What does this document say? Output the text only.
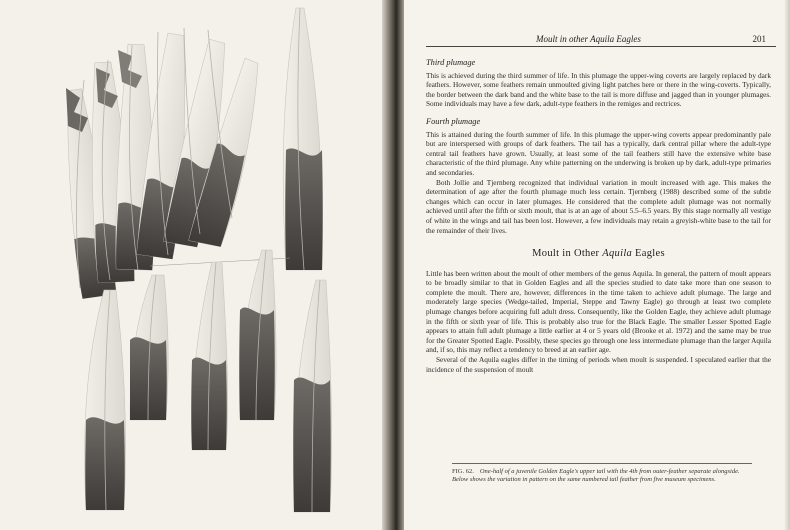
Moult in other Aquila Eagles	201
Third plumage

This is achieved during the third summer of life. In this plumage the upper-wing coverts are largely replaced by dark feathers. However, some feathers remain unmoulted giving light patches here or there in the wing-coverts. Typically, the border between the dark band and the white base to the tail is more diffuse and jagged than in younger plumages. Some individuals may have a few dark, adult-type feathers in the remiges and rectrices.

Fourth plumage

This is attained during the fourth summer of life. In this plumage the upper-wing coverts appear predominantly pale but are interspersed with groups of dark feathers. The tail has a typically, dark central pillar where the adult-type central tail feathers have grown. Usually, at least some of the tail feathers still have the extensive white base characteristic of the third plumage. Any white patterning on the underwing is broken up by dark, adult-type primaries and secondaries.

Both Jollie and Tjernberg recognized that individual variation in moult increased with age. This makes the determination of age after the fourth plumage much less certain. Tjernberg (1988) described some of the subtle changes which can occur in later plumages. He considered that the complete adult plumage was not normally achieved until after the fifth or sixth moult, that is at an age of about 5.5–6.5 years. By this stage normally all vestige of white in the wings and tail has been lost. However, a few individuals may retain a greyish-white base to the tail for the remainder of their lives.

Moult in Other Aquila Eagles

Little has been written about the moult of other members of the genus Aquila. In general, the pattern of moult appears to be broadly similar to that in Golden Eagles and all the species studied to date take more than one season to complete the moult. There are, however, differences in the time taken to achieve adult plumage. The large and moderately large species (Wedge-tailed, Imperial, Steppe and Tawny Eagle) go through at least two complete plumage changes before acquiring full adult dress. Consequently, like the Golden Eagle, they achieve adult plumage in the fifth or sixth year of life. This is probably also true for the Black Eagle. The smaller Lesser Spotted Eagle appears to attain full adult plumage a little earlier at 4 or 5 years old (Brooke et al. 1972) and the same may be true for the Greater Spotted Eagle. Possibly, these species go through one less intermediate plumage than the larger Aquila and, if so, this may reflect a tendency to breed at an earlier age.

Several of the Aquila eagles differ in the timing of periods when moult is suspended. I speculated earlier that the incidence of the suspension of moult

FIG. 62. One-half of a juvenile Golden Eagle's upper tail with the 4th from outer-feather separate alongside. Below shows the variation in pattern on the same numbered tail feather from five museum specimens.
